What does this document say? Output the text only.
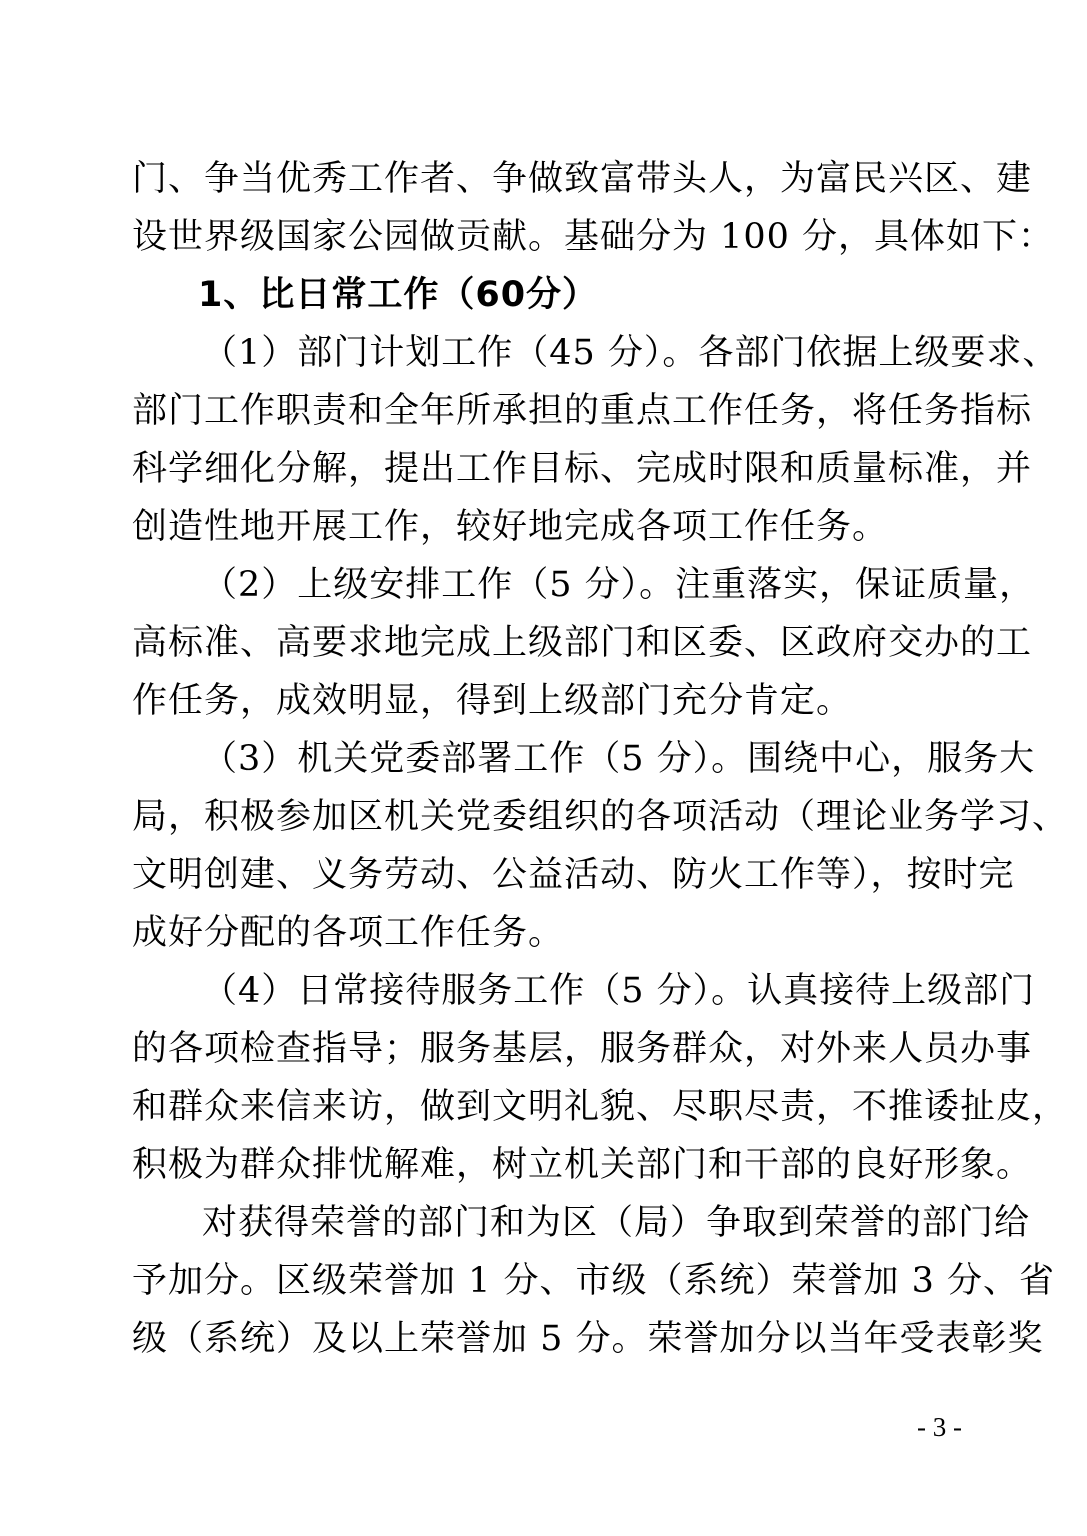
门、争当优秀工作者、争做致富带头人，为富民兴区、建
设世界级国家公园做贡献。基础分为 100 分，具体如下：
1、比日常工作（60分）
（1）部门计划工作（45 分）。各部门依据上级要求、
部门工作职责和全年所承担的重点工作任务，将任务指标
科学细化分解，提出工作目标、完成时限和质量标准，并
创造性地开展工作，较好地完成各项工作任务。
（2）上级安排工作（5 分）。注重落实，保证质量，
高标准、高要求地完成上级部门和区委、区政府交办的工
作任务，成效明显，得到上级部门充分肯定。
（3）机关党委部署工作（5 分）。围绕中心，服务大
局，积极参加区机关党委组织的各项活动（理论业务学习、
文明创建、义务劳动、公益活动、防火工作等），按时完
成好分配的各项工作任务。
（4）日常接待服务工作（5 分）。认真接待上级部门
的各项检查指导；服务基层，服务群众，对外来人员办事
和群众来信来访，做到文明礼貌、尽职尽责，不推诿扯皮，
积极为群众排忧解难，树立机关部门和干部的良好形象。
对获得荣誉的部门和为区（局）争取到荣誉的部门给
予加分。区级荣誉加 1 分、市级（系统）荣誉加 3 分、省
级（系统）及以上荣誉加 5 分。荣誉加分以当年受表彰奖
- 3 -
